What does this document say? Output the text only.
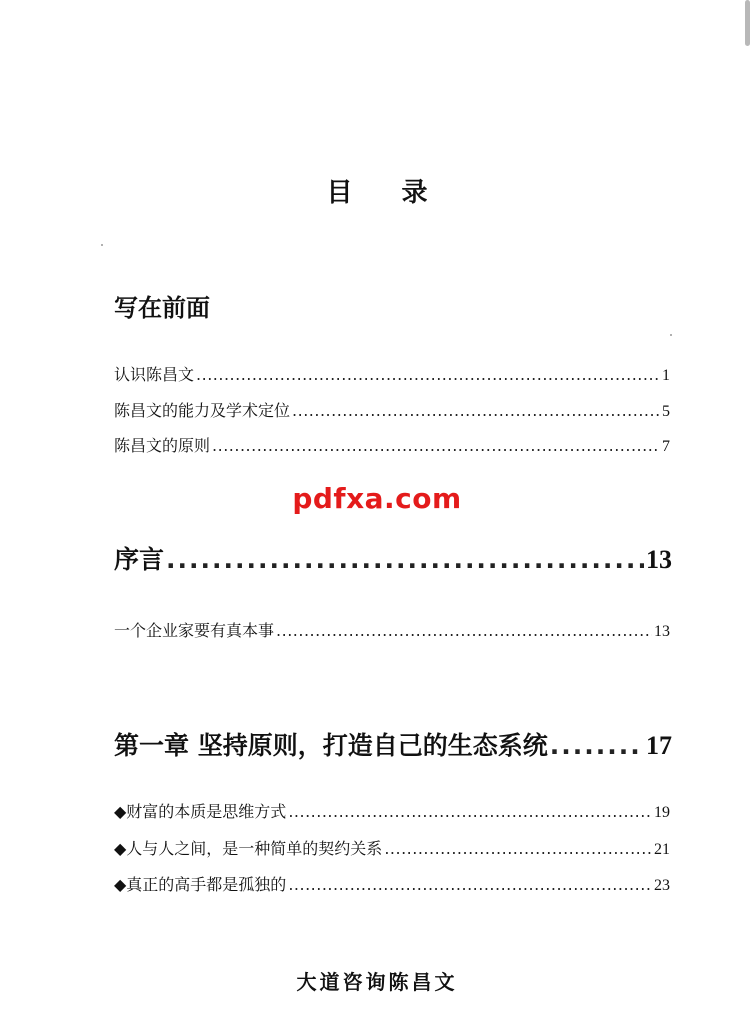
目 录
写在前面
认识陈昌文 .....	1
陈昌文的能力及学术定位 .....	5
陈昌文的原则 .....	7
pdfxa.com
序言 .....	13
一个企业家要有真本事 .....	13
第一章 坚持原则，打造自己的生态系统 .....	17
◆财富的本质是思维方式 .....	19
◆人与人之间，是一种简单的契约关系 .....	21
◆真正的高手都是孤独的 .....	23
大道咨询陈昌文
